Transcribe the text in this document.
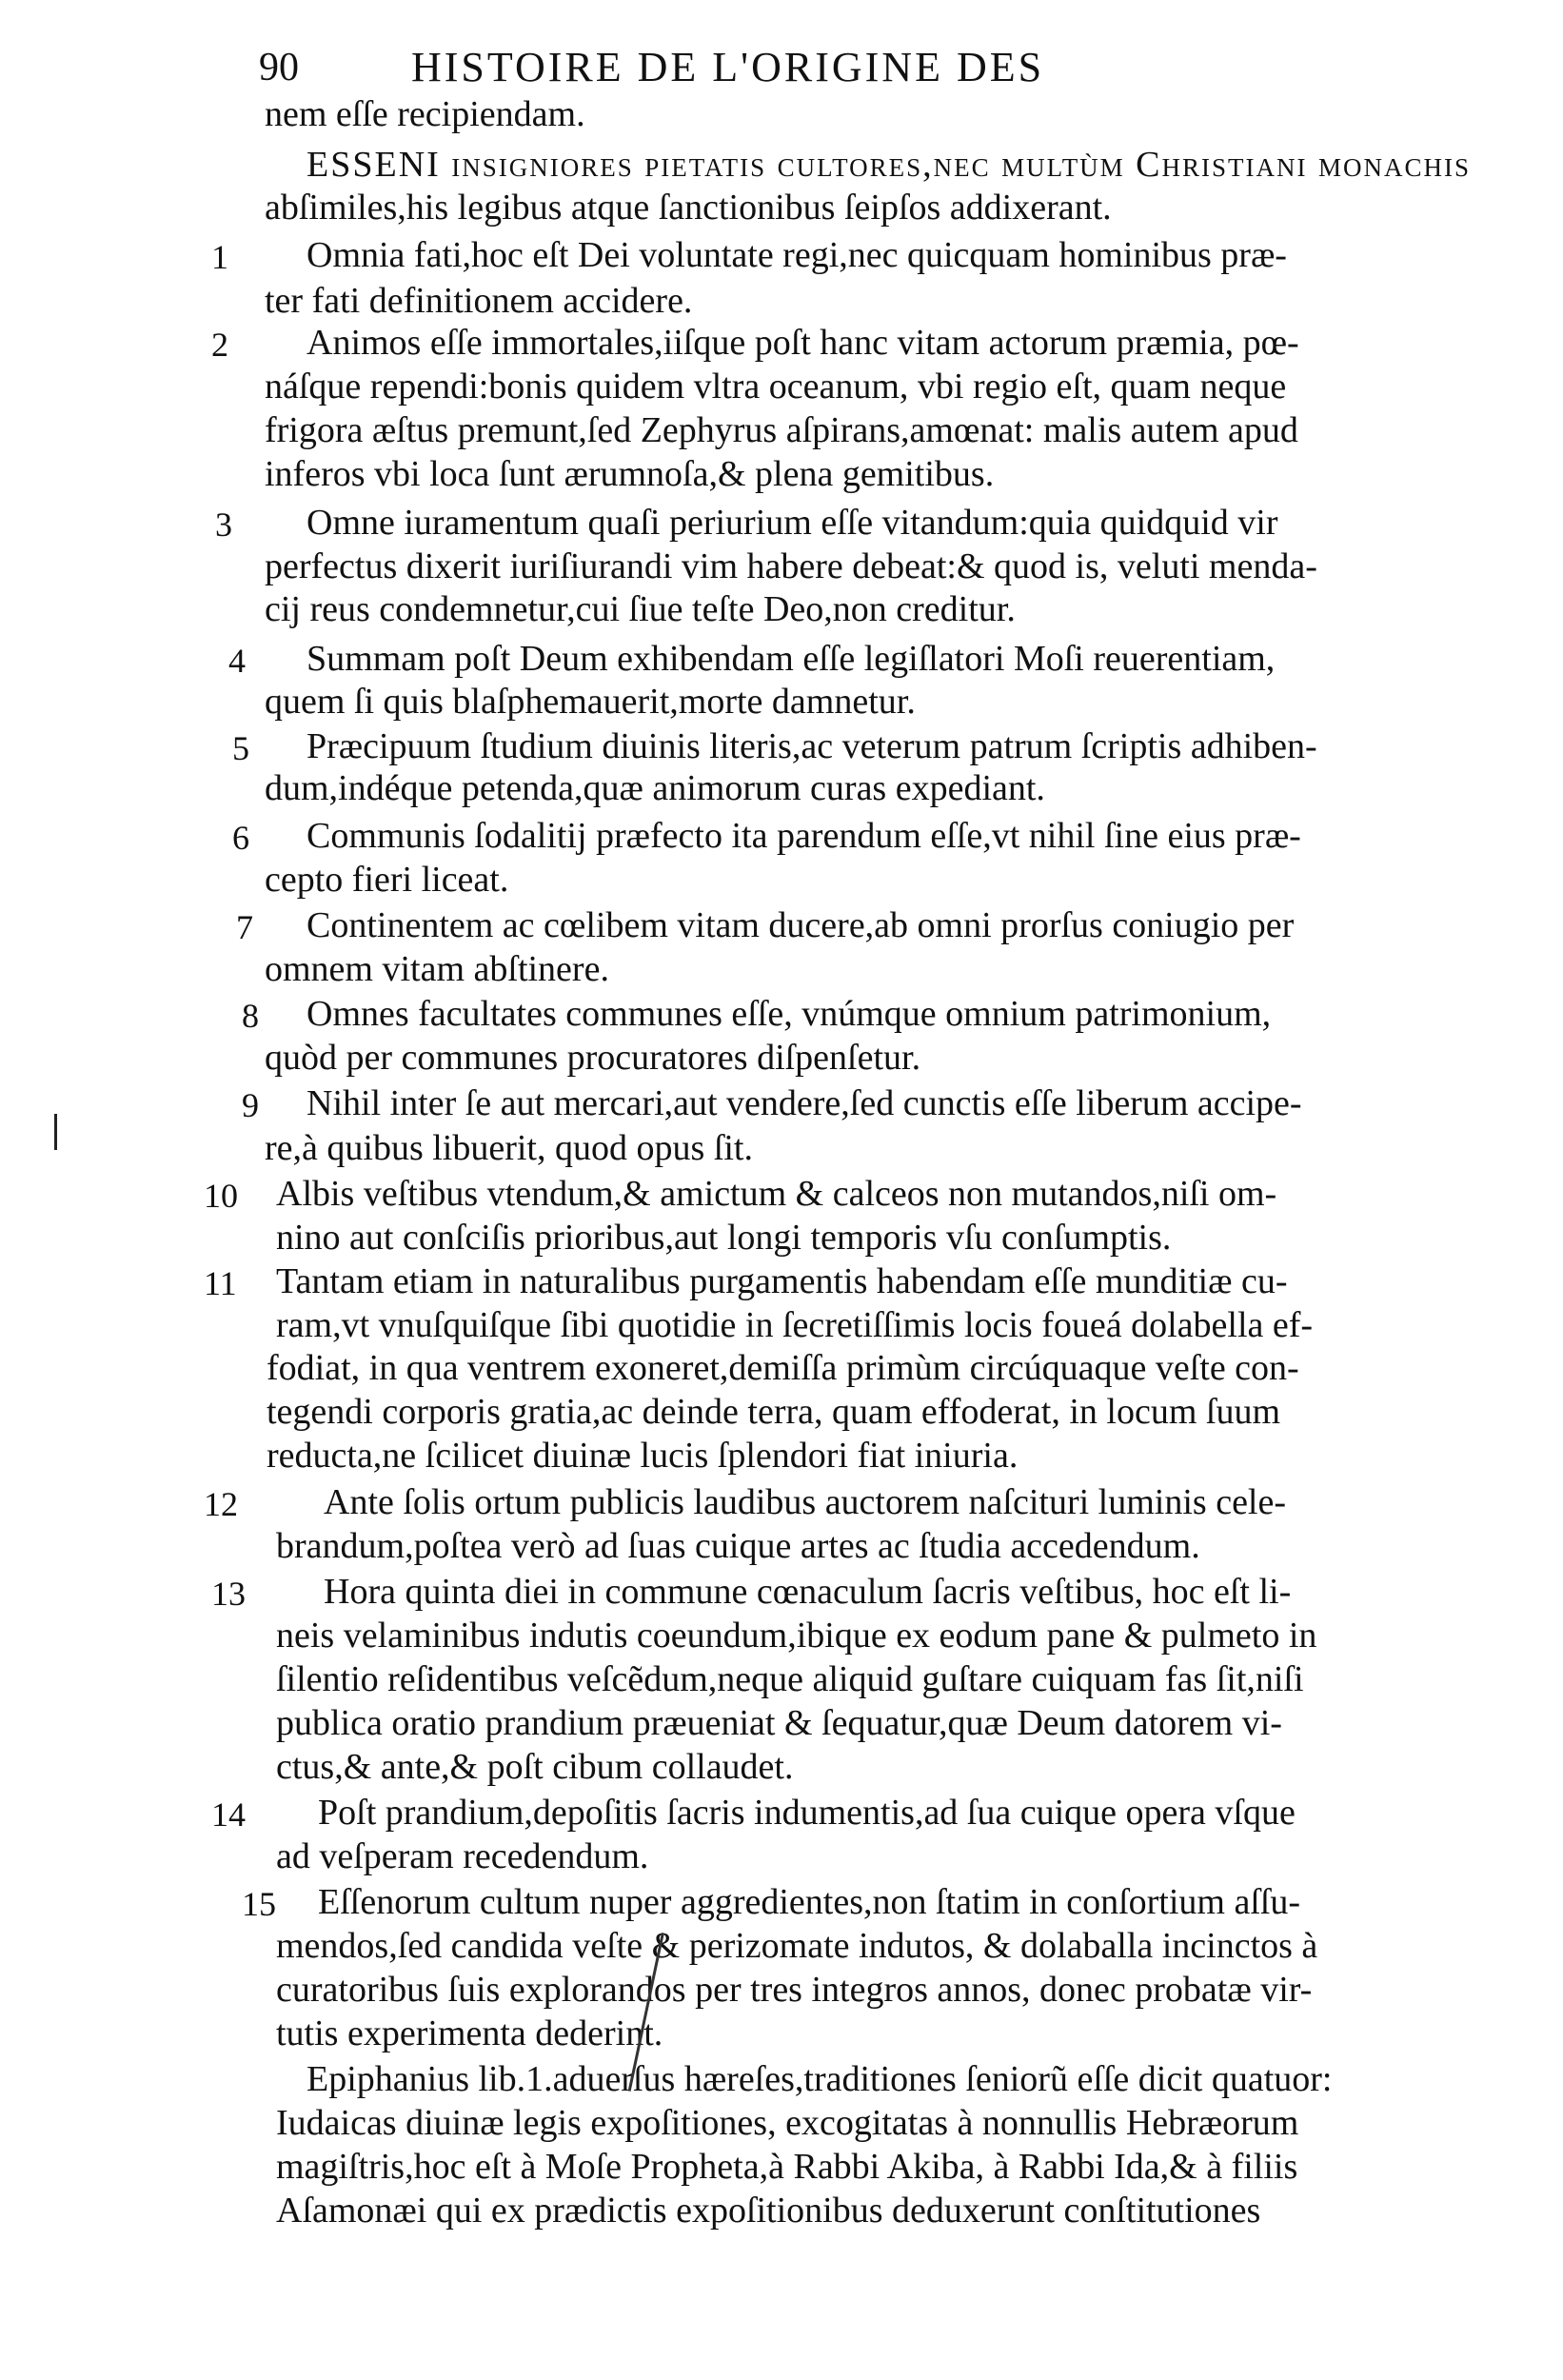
90	HISTOIRE DE L'ORIGINE DES
nem eſſe recipiendam.
ESSENI inſigniores pietatis cultores,nec multùm Chriſtiani monachis
abſimiles,his legibus atque ſanctionibus ſeipſos addixerant.
Omnia fati,hoc eſt Dei voluntate regi,nec quicquam hominibus præ-
ter fati definitionem accidere.
Animos eſſe immortales,iiſque poſt hanc vitam actorum præmia, pœ-
náſque rependi:bonis quidem vltra oceanum, vbi regio eſt, quam neque
frigora æſtus premunt,ſed Zephyrus aſpirans,amœnat: malis autem apud
inferos vbi loca ſunt ærumnoſa,& plena gemitibus.
Omne iuramentum quaſi periurium eſſe vitandum:quia quidquid vir
perfectus dixerit iuriſiurandi vim habere debeat:& quod is, veluti menda-
cij reus condemnetur,cui ſiue teſte Deo,non creditur.
Summam poſt Deum exhibendam eſſe legiſlatori Moſi reuerentiam,
quem ſi quis blaſphemauerit,morte damnetur.
Præcipuum ſtudium diuinis literis,ac veterum patrum ſcriptis adhiben-
dum,indéque petenda,quæ animorum curas expediant.
Communis ſodalitij præfecto ita parendum eſſe,vt nihil ſine eius præ-
cepto fieri liceat.
Continentem ac cœlibem vitam ducere,ab omni prorſus coniugio per
omnem vitam abſtinere.
Omnes facultates communes eſſe, vnúmque omnium patrimonium,
quòd per communes procuratores diſpenſetur.
Nihil inter ſe aut mercari,aut vendere,ſed cunctis eſſe liberum accipe-
re,à quibus libuerit, quod opus ſit.
Albis veſtibus vtendum,& amictum & calceos non mutandos,niſi om-
nino aut conſciſis prioribus,aut longi temporis vſu conſumptis.
Tantam etiam in naturalibus purgamentis habendam eſſe munditiæ cu-
ram,vt vnuſquiſque ſibi quotidie in ſecretiſſimis locis foueá dolabella ef-
fodiat, in qua ventrem exoneret,demiſſa primùm circúquaque veſte con-
tegendi corporis gratia,ac deinde terra, quam effoderat, in locum ſuum
reducta,ne ſcilicet diuinæ lucis ſplendori fiat iniuria.
Ante ſolis ortum publicis laudibus auctorem naſcituri luminis cele-
brandum,poſtea verò ad ſuas cuique artes ac ſtudia accedendum.
Hora quinta diei in commune cœnaculum ſacris veſtibus, hoc eſt li-
neis velaminibus indutis coeundum,ibique ex eodum pane & pulmeto in
ſilentio reſidentibus veſcẽdum,neque aliquid guſtare cuiquam fas ſit,niſi
publica oratio prandium præueniat & ſequatur,quæ Deum datorem vi-
ctus,& ante,& poſt cibum collaudet.
Poſt prandium,depoſitis ſacris indumentis,ad ſua cuique opera vſque
ad veſperam recedendum.
Eſſenorum cultum nuper aggredientes,non ſtatim in conſortium aſſu-
mendos,ſed candida veſte & perizomate indutos, & dolaballa incinctos à
curatoribus ſuis explorandos per tres integros annos, donec probatæ vir-
tutis experimenta dederint.
Epiphanius lib.1.aduerſus hæreſes,traditiones ſeniorũ eſſe dicit quatuor:
Iudaicas diuinæ legis expoſitiones, excogitatas à nonnullis Hebræorum
magiſtris,hoc eſt à Moſe Propheta,à Rabbi Akiba, à Rabbi Ida,& à filiis
Aſamonæi qui ex prædictis expoſitionibus deduxerunt conſtitutiones
1
2
3
4
5
6
7
8
9
10
11
12
13
14
15
